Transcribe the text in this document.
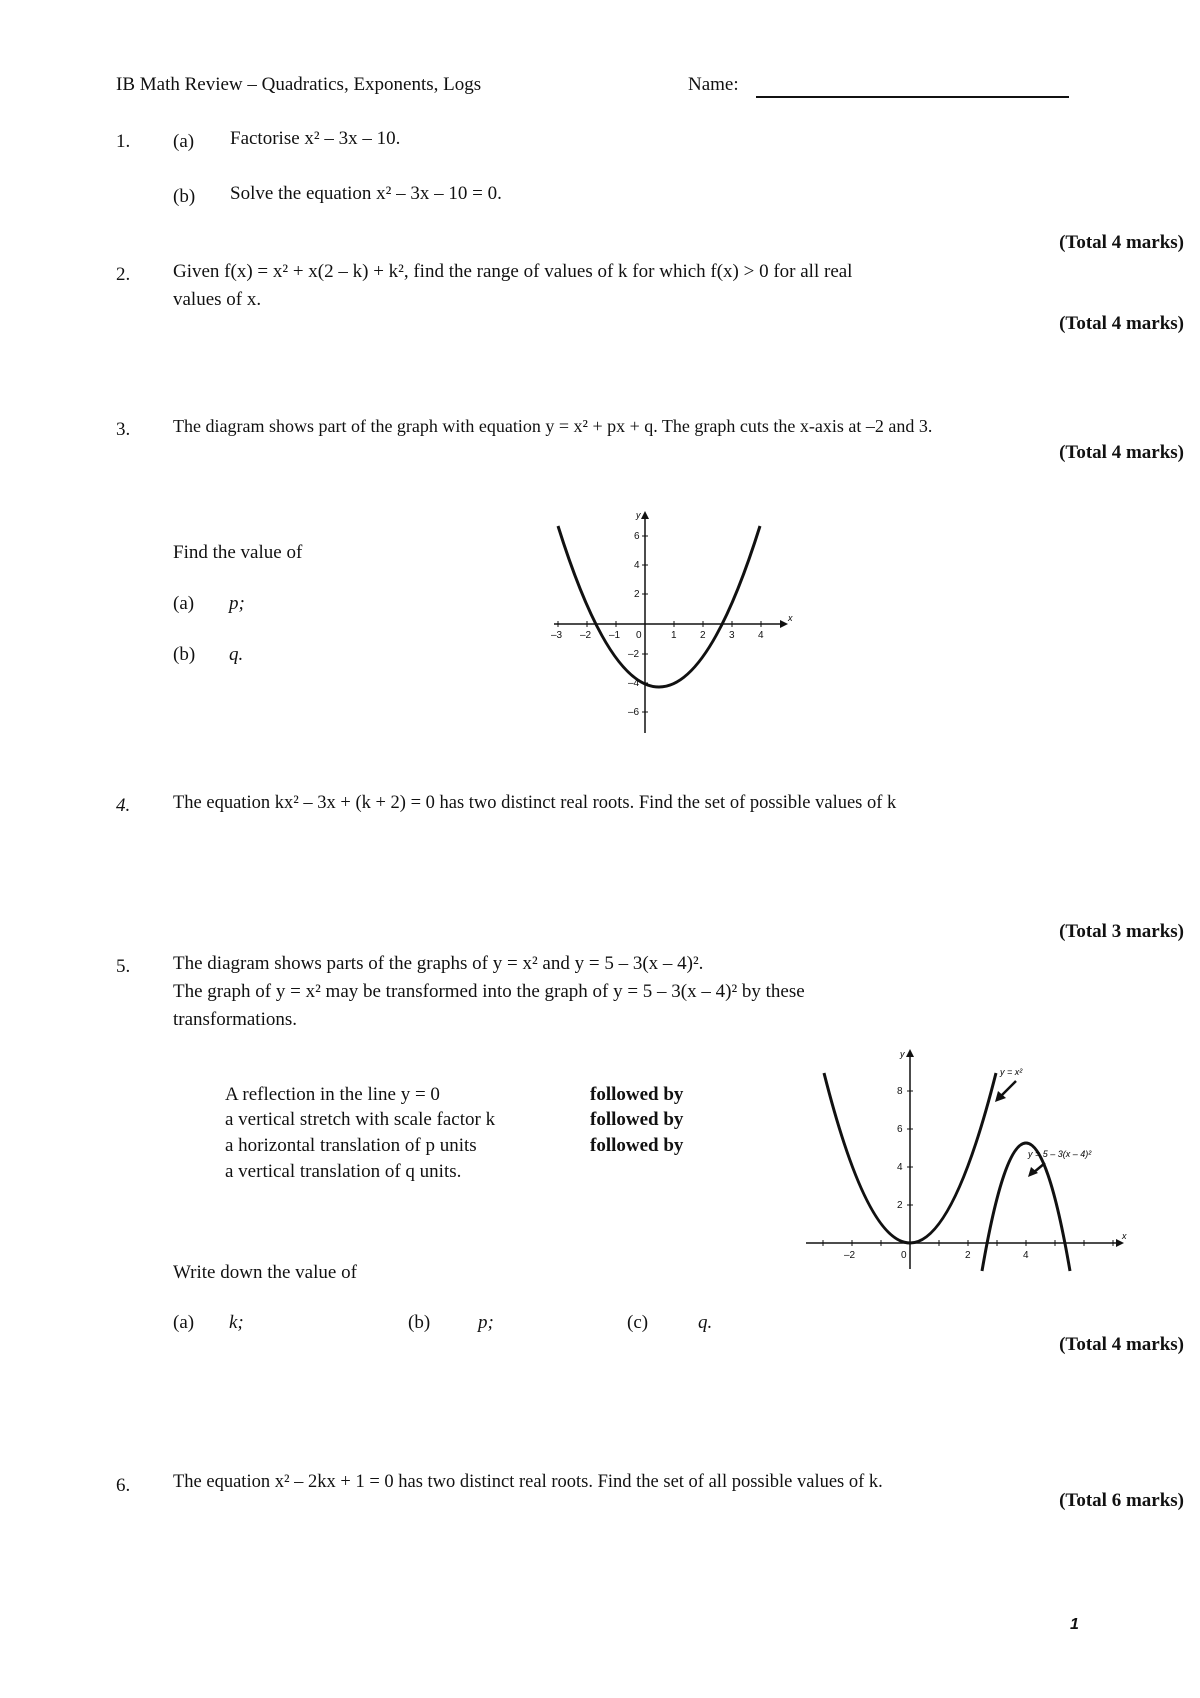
IB Math Review – Quadratics, Exponents, Logs	Name:
1. (a) Factorise x² – 3x – 10.
(b) Solve the equation x² – 3x – 10 = 0.
(Total 4 marks)
2. Given f(x) = x² + x(2 – k) + k², find the range of values of k for which f(x) > 0 for all real
values of x.
(Total 4 marks)
3. The diagram shows part of the graph with equation y = x² + px + q. The graph cuts the x-axis at –2 and 3.
(Total 4 marks)
Find the value of
(a) p;
(b) q.
y
x
–3 –2 –1 0	1 2 3 4
6
4
2
–2
–4
–6
4. The equation kx² – 3x + (k + 2) = 0 has two distinct real roots. Find the set of possible values of k
(Total 3 marks)
5. The diagram shows parts of the graphs of y = x² and y = 5 – 3(x – 4)².
The graph of y = x² may be transformed into the graph of y = 5 – 3(x – 4)² by these
transformations.
A reflection in the line y = 0	followed by
a vertical stretch with scale factor k	followed by
a horizontal translation of p units	followed by
a vertical translation of q units.
Write down the value of
(a) k;	(b)	p;	(c)	q.
(Total 4 marks)
y
x
–2	0	2	4
8
6
4
2
y = x²
y = 5 – 3(x – 4)²
6. The equation x² – 2kx + 1 = 0 has two distinct real roots. Find the set of all possible values of k.
(Total 6 marks)
1
